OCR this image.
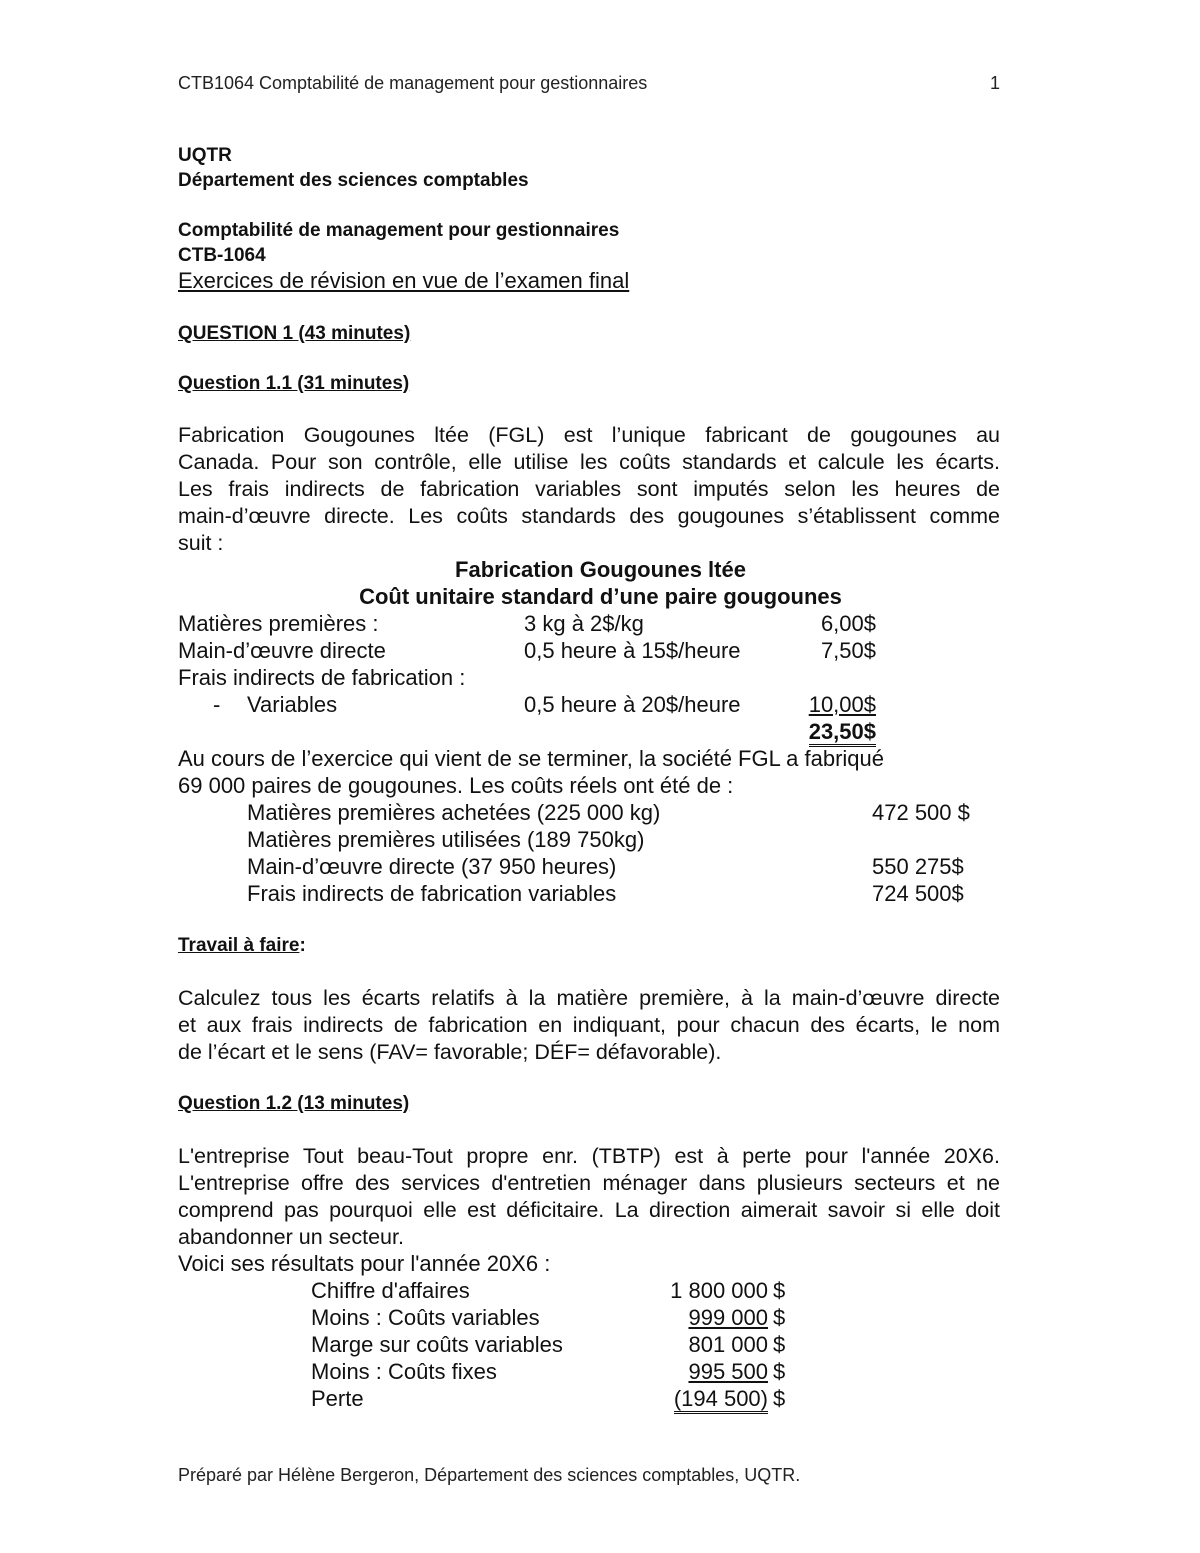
CTB1064 Comptabilité de management pour gestionnaires	1
UQTR
Département des sciences comptables
Comptabilité de management pour gestionnaires
CTB-1064
Exercices de révision en vue de l’examen final
QUESTION 1 (43 minutes)
Question 1.1 (31 minutes)
Fabrication Gougounes ltée (FGL) est l’unique fabricant de gougounes au
Canada. Pour son contrôle, elle utilise les coûts standards et calcule les écarts.
Les frais indirects de fabrication variables sont imputés selon les heures de
main-d’œuvre directe. Les coûts standards des gougounes s’établissent comme
suit :
Fabrication Gougounes ltée
Coût unitaire standard d’une paire gougounes
Matières premières :	3 kg à 2$/kg	6,00$
Main-d’œuvre directe	0,5 heure à 15$/heure	7,50$
Frais indirects de fabrication :
- Variables	0,5 heure à 20$/heure	10,00$
23,50$
Au cours de l’exercice qui vient de se terminer, la société FGL a fabriqué
69 000 paires de gougounes. Les coûts réels ont été de :
Matières premières achetées (225 000 kg)	472 500 $
Matières premières utilisées (189 750kg)
Main-d’œuvre directe (37 950 heures)	550 275$
Frais indirects de fabrication variables	724 500$
Travail à faire:
Calculez tous les écarts relatifs à la matière première, à la main-d’œuvre directe
et aux frais indirects de fabrication en indiquant, pour chacun des écarts, le nom
de l’écart et le sens (FAV= favorable; DÉF= défavorable).
Question 1.2 (13 minutes)
L'entreprise Tout beau-Tout propre enr. (TBTP) est à perte pour l'année 20X6.
L'entreprise offre des services d'entretien ménager dans plusieurs secteurs et ne
comprend pas pourquoi elle est déficitaire. La direction aimerait savoir si elle doit
abandonner un secteur.
Voici ses résultats pour l'année 20X6 :
Chiffre d'affaires	1 800 000 $
Moins : Coûts variables	999 000 $
Marge sur coûts variables	801 000 $
Moins : Coûts fixes	995 500 $
Perte	(194 500) $
Préparé par Hélène Bergeron, Département des sciences comptables, UQTR.
